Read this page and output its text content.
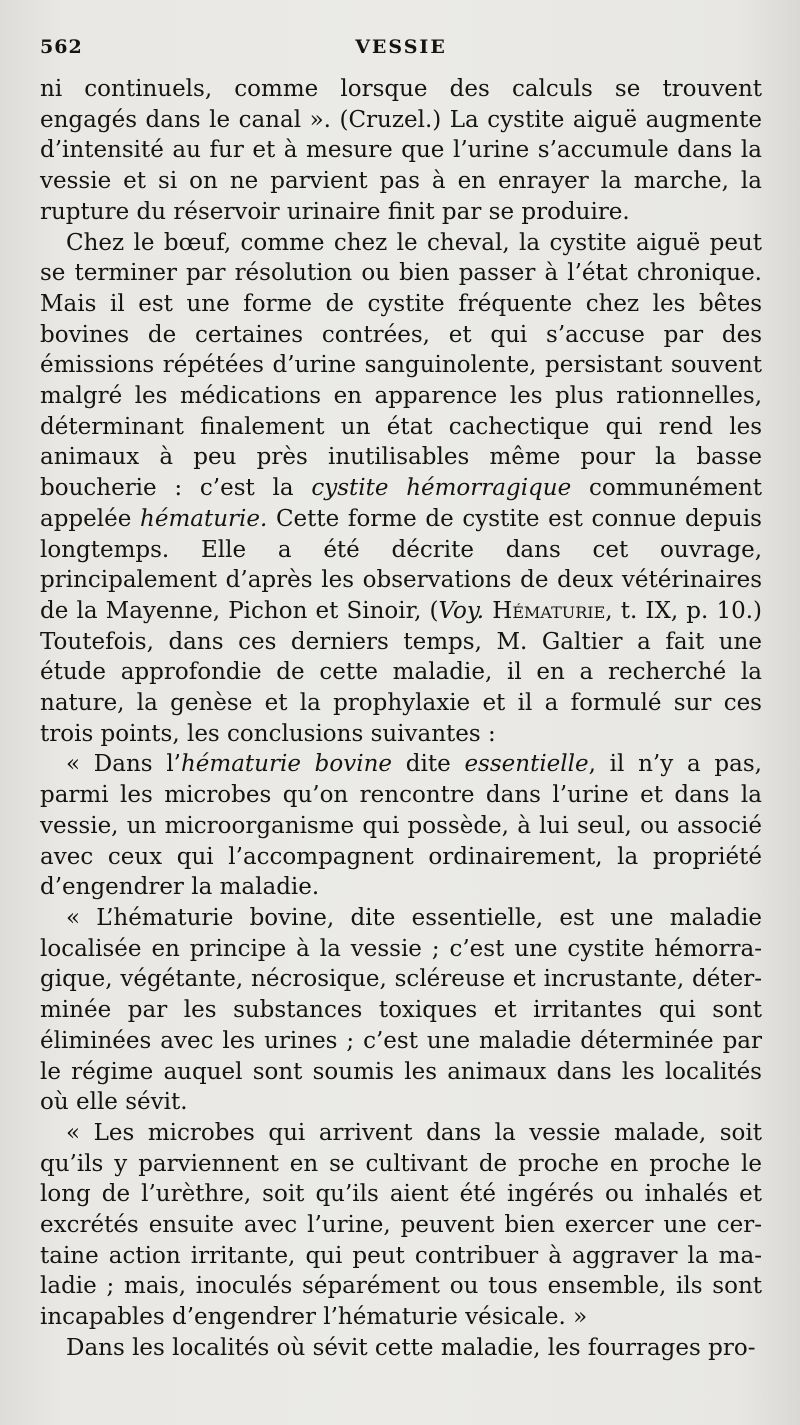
562	VESSIE

ni continuels, comme lorsque des calculs se trouvent engagés dans le canal ». (Cruzel.) La cystite aiguë augmente d’intensité au fur et à mesure que l’urine s’accumule dans la vessie et si on ne parvient pas à en enrayer la marche, la rupture du réservoir urinaire finit par se produire.

Chez le bœuf, comme chez le cheval, la cystite aiguë peut se terminer par résolution ou bien passer à l’état chronique. Mais il est une forme de cystite fréquente chez les bêtes bovines de certaines contrées, et qui s’accuse par des émissions répétées d’urine sanguinolente, persistant souvent malgré les médications en apparence les plus rationnelles, déterminant finalement un état cachectique qui rend les animaux à peu près inutilisables même pour la basse boucherie : c’est la cystite hémorragique communément appelée hématurie. Cette forme de cystite est connue depuis longtemps. Elle a été décrite dans cet ouvrage, principalement d’après les observations de deux vétérinaires de la Mayenne, Pichon et Sinoir, (Voy. Hématurie, t. IX, p. 10.) Toutefois, dans ces derniers temps, M. Galtier a fait une étude approfondie de cette maladie, il en a recherché la nature, la genèse et la prophylaxie et il a formulé sur ces trois points, les conclusions suivantes :

« Dans l’hématurie bovine dite essentielle, il n’y a pas, parmi les microbes qu’on rencontre dans l’urine et dans la vessie, un microorganisme qui possède, à lui seul, ou associé avec ceux qui l’accompagnent ordinairement, la propriété d’engendrer la maladie.

« L’hématurie bovine, dite essentielle, est une maladie localisée en principe à la vessie ; c’est une cystite hémorragique, végétante, nécrosique, scléreuse et incrustante, déterminée par les substances toxiques et irritantes qui sont éliminées avec les urines ; c’est une maladie déterminée par le régime auquel sont soumis les animaux dans les localités où elle sévit.

« Les microbes qui arrivent dans la vessie malade, soit qu’ils y parviennent en se cultivant de proche en proche le long de l’urèthre, soit qu’ils aient été ingérés ou inhalés et excrétés ensuite avec l’urine, peuvent bien exercer une certaine action irritante, qui peut contribuer à aggraver la maladie ; mais, inoculés séparément ou tous ensemble, ils sont incapables d’engendrer l’hématurie vésicale. »

Dans les localités où sévit cette maladie, les fourrages pro-
